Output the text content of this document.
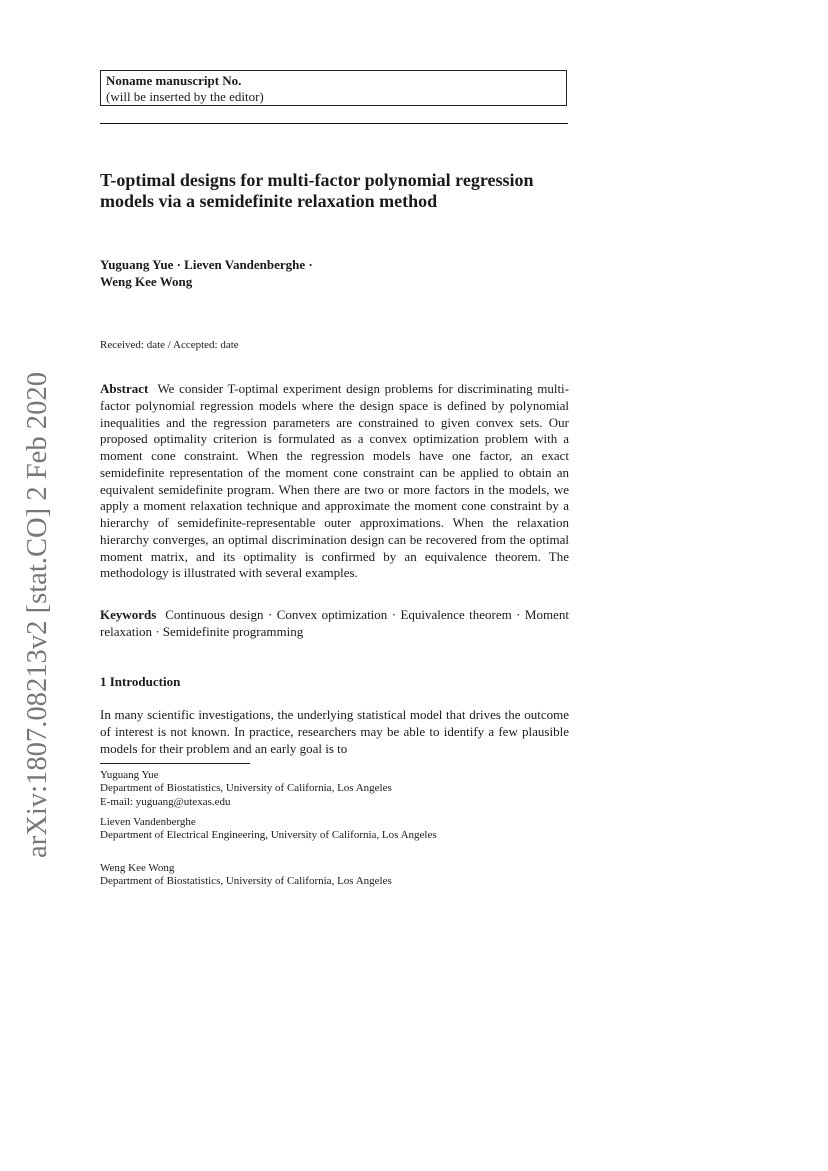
Noname manuscript No.
(will be inserted by the editor)
T-optimal designs for multi-factor polynomial regression models via a semidefinite relaxation method
Yuguang Yue · Lieven Vandenberghe ·
Weng Kee Wong
Received: date / Accepted: date
Abstract We consider T-optimal experiment design problems for discriminating multi-factor polynomial regression models where the design space is defined by polynomial inequalities and the regression parameters are constrained to given convex sets. Our proposed optimality criterion is formulated as a convex optimization problem with a moment cone constraint. When the regression models have one factor, an exact semidefinite representation of the moment cone constraint can be applied to obtain an equivalent semidefinite program. When there are two or more factors in the models, we apply a moment relaxation technique and approximate the moment cone constraint by a hierarchy of semidefinite-representable outer approximations. When the relaxation hierarchy converges, an optimal discrimination design can be recovered from the optimal moment matrix, and its optimality is confirmed by an equivalence theorem. The methodology is illustrated with several examples.
Keywords Continuous design · Convex optimization · Equivalence theorem · Moment relaxation · Semidefinite programming
1 Introduction
In many scientific investigations, the underlying statistical model that drives the outcome of interest is not known. In practice, researchers may be able to identify a few plausible models for their problem and an early goal is to
Yuguang Yue
Department of Biostatistics, University of California, Los Angeles
E-mail: yuguang@utexas.edu
Lieven Vandenberghe
Department of Electrical Engineering, University of California, Los Angeles
Weng Kee Wong
Department of Biostatistics, University of California, Los Angeles
arXiv:1807.08213v2 [stat.CO] 2 Feb 2020
